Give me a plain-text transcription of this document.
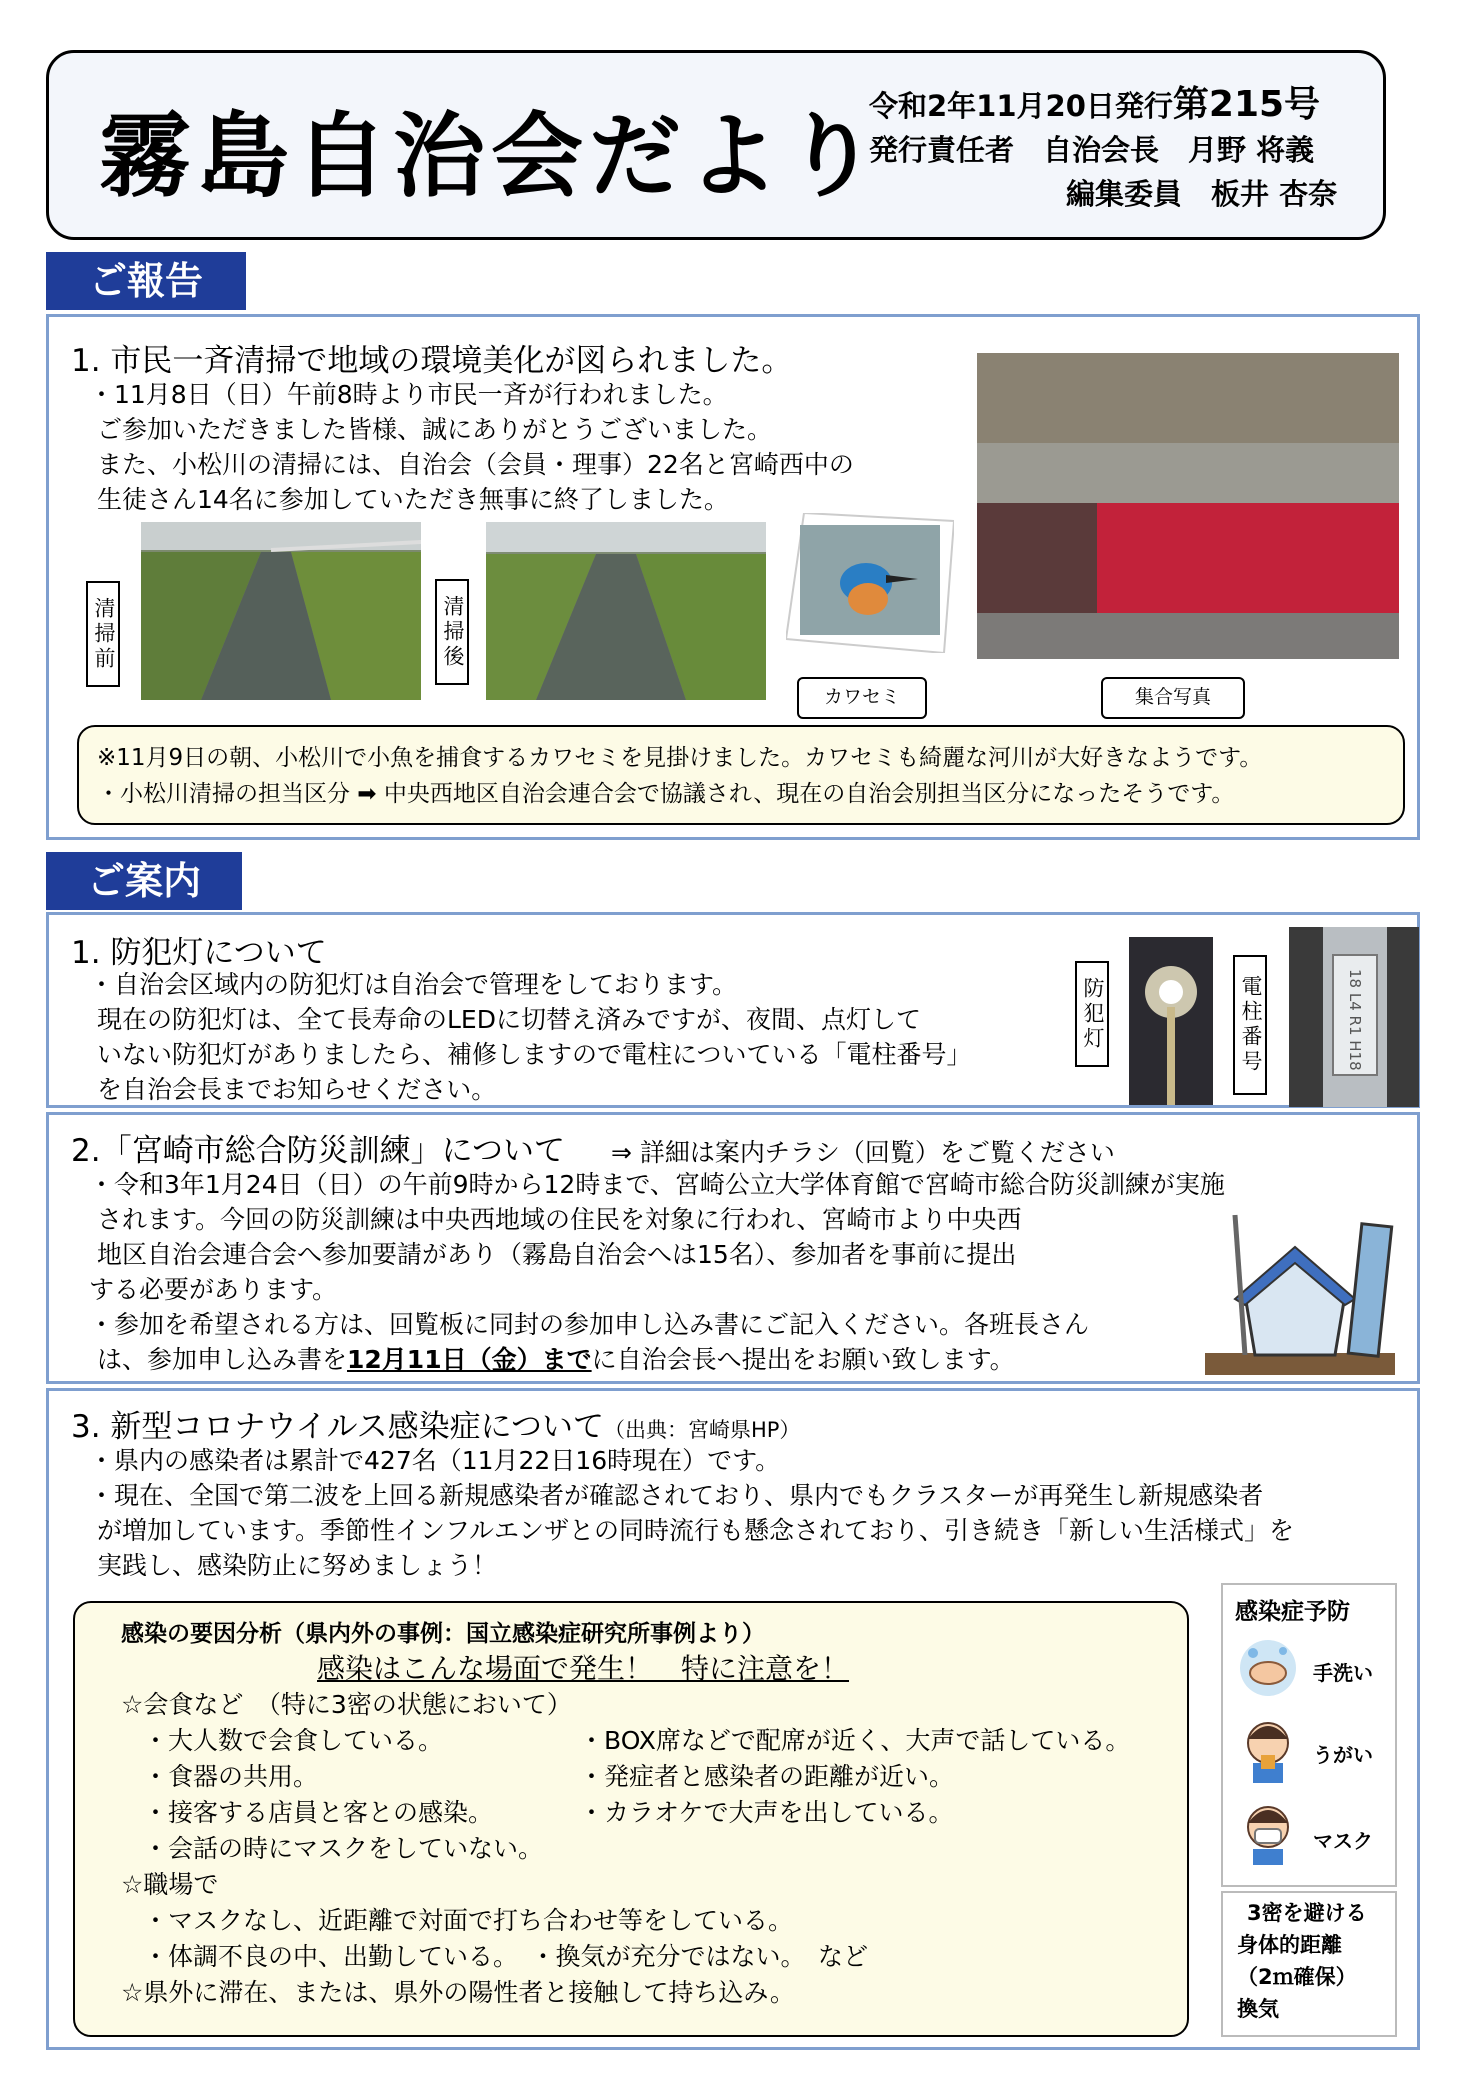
霧島自治会だより
令和2年11月20日発行第215号
発行責任者　自治会長　月野 将義
編集委員　板井 杏奈
ご報告
1. 市民一斉清掃で地域の環境美化が図られました。
・11月8日（日）午前8時より市民一斉が行われました。
ご参加いただきました皆様、誠にありがとうございました。
また、小松川の清掃には、自治会（会員・理事）22名と宮崎西中の
生徒さん14名に参加していただき無事に終了しました。
清掃前	清掃後
カワセミ	集合写真
※11月9日の朝、小松川で小魚を捕食するカワセミを見掛けました。カワセミも綺麗な河川が大好きなようです。
・小松川清掃の担当区分 ➡ 中央西地区自治会連合会で協議され、現在の自治会別担当区分になったそうです。
ご案内
1. 防犯灯について
・自治会区域内の防犯灯は自治会で管理をしております。
現在の防犯灯は、全て長寿命のLEDに切替え済みですが、夜間、点灯して
いない防犯灯がありましたら、補修しますので電柱についている「電柱番号」
を自治会長までお知らせください。
防犯灯	電柱番号	18 L4 R1 H18
2.「宮崎市総合防災訓練」について ⇒ 詳細は案内チラシ（回覧）をご覧ください
・令和3年1月24日（日）の午前9時から12時まで、宮崎公立大学体育館で宮崎市総合防災訓練が実施
されます。今回の防災訓練は中央西地域の住民を対象に行われ、宮崎市より中央西
地区自治会連合会へ参加要請があり（霧島自治会へは15名）、参加者を事前に提出
する必要があります。
・参加を希望される方は、回覧板に同封の参加申し込み書にご記入ください。各班長さん
は、参加申し込み書を12月11日（金）までに自治会長へ提出をお願い致します。
3. 新型コロナウイルス感染症について（出典：宮崎県HP）
・県内の感染者は累計で427名（11月22日16時現在）です。
・現在、全国で第二波を上回る新規感染者が確認されており、県内でもクラスターが再発生し新規感染者
が増加しています。季節性インフルエンザとの同時流行も懸念されており、引き続き「新しい生活様式」を
実践し、感染防止に努めましょう！
感染の要因分析（県内外の事例：国立感染症研究所事例より）
感染はこんな場面で発生！　特に注意を！
☆会食など　（特に3密の状態において）
・大人数で会食している。
・食器の共用。
・接客する店員と客との感染。
・会話の時にマスクをしていない。
・BOX席などで配席が近く、大声で話している。
・発症者と感染者の距離が近い。
・カラオケで大声を出している。
☆職場で
・マスクなし、近距離で対面で打ち合わせ等をしている。
・体調不良の中、出勤している。　・換気が充分ではない。　など
☆県外に滞在、または、県外の陽性者と接触して持ち込み。
感染症予防
手洗い
うがい
マスク
3密を避ける
身体的距離
（2ｍ確保）
換気
